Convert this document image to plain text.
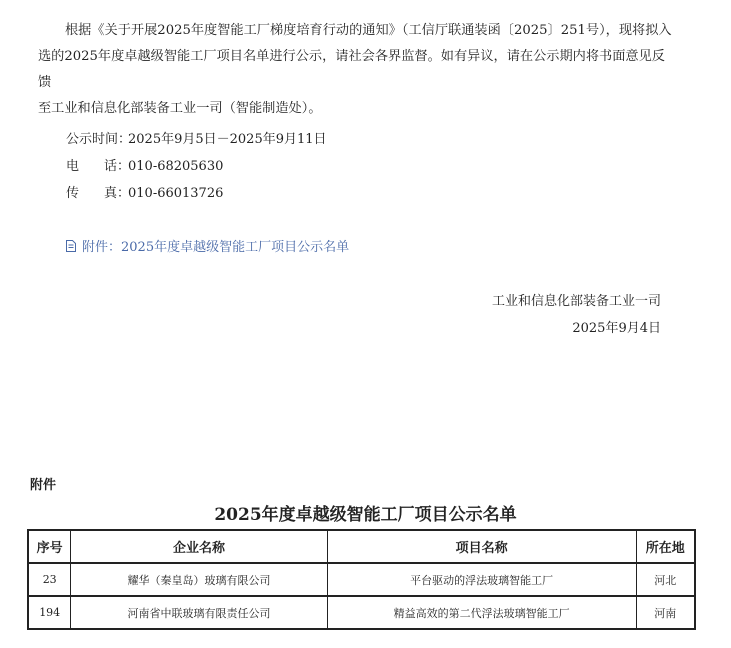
根据《关于开展2025年度智能工厂梯度培育行动的通知》（工信厅联通装函〔2025〕251号），现将拟入

选的2025年度卓越级智能工厂项目名单进行公示，请社会各界监督。如有异议，请在公示期内将书面意见反馈

至工业和信息化部装备工业一司（智能制造处）。

公示时间：2025年9月5日－2025年9月11日
电 话：010-68205630
传 真：010-66013726
附件：2025年度卓越级智能工厂项目公示名单
工业和信息化部装备工业一司
2025年9月4日
附件
2025年度卓越级智能工厂项目公示名单
序号	企业名称	项目名称	所在地
23	耀华（秦皇岛）玻璃有限公司	平台驱动的浮法玻璃智能工厂	河北
194	河南省中联玻璃有限责任公司	精益高效的第二代浮法玻璃智能工厂	河南
